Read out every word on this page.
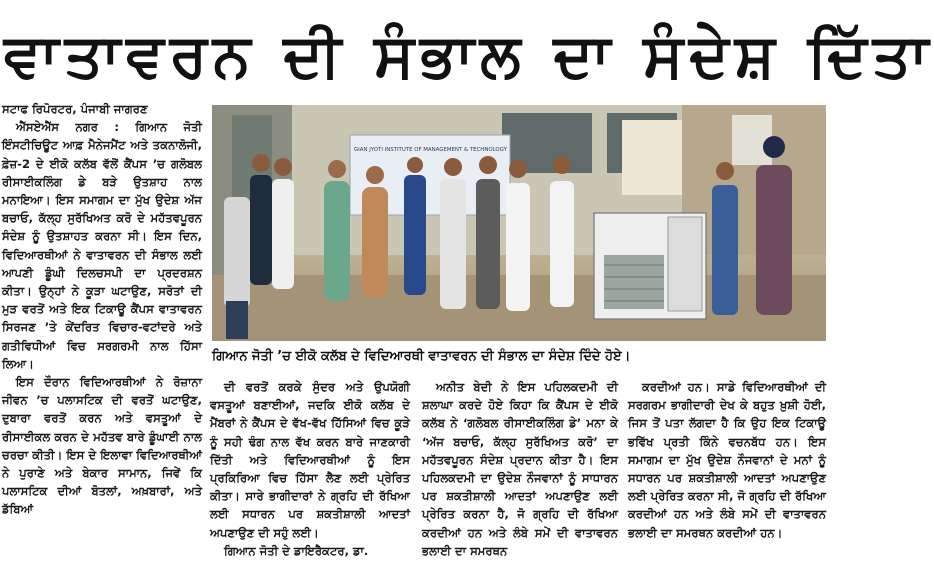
ਵਾਤਾਵਰਨ ਦੀ ਸੰਭਾਲ ਦਾ ਸੰਦੇਸ਼ ਦਿੱਤਾ
ਸਟਾਫ ਰਿਪੋਰਟਰ, ਪੰਜਾਬੀ ਜਾਗਰਣ

ਐੱਸਏਐੱਸ ਨਗਰ : ਗਿਆਨ ਜੋਤੀ ਇੰਸਟੀਚਿਊਟ ਆਫ਼ ਮੈਨੇਜਮੈਂਟ ਅਤੇ ਤਕਨਾਲੋਜੀ, ਫ਼ੇਜ਼-2 ਦੇ ਈਕੋ ਕਲੱਬ ਵੱਲੋਂ ਕੈਂਪਸ ’ਚ ਗਲੋਬਲ ਰੀਸਾਈਕਲਿੰਗ ਡੇ ਬੜੇ ਉਤਸ਼ਾਹ ਨਾਲ ਮਨਾਇਆ। ਇਸ ਸਮਾਗਮ ਦਾ ਮੁੱਖ ਉਦੇਸ਼ ਅੱਜ ਬਚਾਓ, ਕੱਲ੍ਹ ਸੁਰੱਖਿਅਤ ਕਰੋ ਦੇ ਮਹੱਤਵਪੂਰਨ ਸੰਦੇਸ਼ ਨੂੰ ਉਤਸ਼ਾਹਤ ਕਰਨਾ ਸੀ। ਇਸ ਦਿਨ, ਵਿਦਿਆਰਥੀਆਂ ਨੇ ਵਾਤਾਵਰਨ ਦੀ ਸੰਭਾਲ ਲਈ ਆਪਣੀ ਡੂੰਘੀ ਦਿਲਚਸਪੀ ਦਾ ਪ੍ਰਦਰਸ਼ਨ ਕੀਤਾ। ਉਨ੍ਹਾਂ ਨੇ ਕੂੜਾ ਘਟਾਉਣ, ਸਰੋਤਾਂ ਦੀ ਮੁੜ ਵਰਤੋਂ ਅਤੇ ਇਕ ਟਿਕਾਊ ਕੈਂਪਸ ਵਾਤਾਵਰਨ ਸਿਰਜਣ ’ਤੇ ਕੇਂਦਰਿਤ ਵਿਚਾਰ-ਵਟਾਂਦਰੇ ਅਤੇ ਗਤੀਵਿਧੀਆਂ ਵਿਚ ਸਰਗਰਮੀ ਨਾਲ ਹਿੱਸਾ ਲਿਆ।

ਇਸ ਦੌਰਾਨ ਵਿਦਿਆਰਥੀਆਂ ਨੇ ਰੋਜ਼ਾਨਾ ਜੀਵਨ ’ਚ ਪਲਾਸਟਿਕ ਦੀ ਵਰਤੋਂ ਘਟਾਉਣ, ਦੁਬਾਰਾ ਵਰਤੋਂ ਕਰਨ ਅਤੇ ਵਸਤੂਆਂ ਦੇ ਰੀਸਾਈਕਲ ਕਰਨ ਦੇ ਮਹੱਤਵ ਬਾਰੇ ਡੂੰਘਾਈ ਨਾਲ ਚਰਚਾ ਕੀਤੀ। ਇਸ ਦੇ ਇਲਾਵਾ ਵਿਦਿਆਰਥੀਆਂ ਨੇ ਪੁਰਾਣੇ ਅਤੇ ਬੇਕਾਰ ਸਾਮਾਨ, ਜਿਵੇਂ ਕਿ ਪਲਾਸਟਿਕ ਦੀਆਂ ਬੋਤਲਾਂ, ਅਖ਼ਬਾਰਾਂ, ਅਤੇ ਡੱਬਿਆਂ

GIAN JYOTI INSTITUTE OF MANAGEMENT & TECHNOLOGY
ਗਿਆਨ ਜੋਤੀ ’ਚ ਈਕੋ ਕਲੱਬ ਦੇ ਵਿਦਿਆਰਥੀ ਵਾਤਾਵਰਨ ਦੀ ਸੰਭਾਲ ਦਾ ਸੰਦੇਸ਼ ਦਿੰਦੇ ਹੋਏ।

ਦੀ ਵਰਤੋਂ ਕਰਕੇ ਸੁੰਦਰ ਅਤੇ ਉਪਯੋਗੀ ਵਸਤੂਆਂ ਬਣਾਈਆਂ, ਜਦਕਿ ਈਕੋ ਕਲੱਬ ਦੇ ਮੈਂਬਰਾਂ ਨੇ ਕੈਂਪਸ ਦੇ ਵੱਖ-ਵੱਖ ਹਿੱਸਿਆਂ ਵਿਚ ਕੂੜੇ ਨੂੰ ਸਹੀ ਢੰਗ ਨਾਲ ਵੱਖ ਕਰਨ ਬਾਰੇ ਜਾਣਕਾਰੀ ਦਿੱਤੀ ਅਤੇ ਵਿਦਿਆਰਥੀਆਂ ਨੂੰ ਇਸ ਪ੍ਰਕਿਰਿਆ ਵਿਚ ਹਿੱਸਾ ਲੈਣ ਲਈ ਪ੍ਰੇਰਿਤ ਕੀਤਾ। ਸਾਰੇ ਭਾਗੀਦਾਰਾਂ ਨੇ ਗ੍ਰਹਿ ਦੀ ਰੱਖਿਆ ਲਈ ਸਧਾਰਨ ਪਰ ਸ਼ਕਤੀਸ਼ਾਲੀ ਆਦਤਾਂ ਅਪਣਾਉਣ ਦੀ ਸਹੁੰ ਲਈ।

ਗਿਆਨ ਜੋਤੀ ਦੇ ਡਾਇਰੈਕਟਰ, ਡਾ.

ਅਨੀਤ ਬੇਦੀ ਨੇ ਇਸ ਪਹਿਲਕਦਮੀ ਦੀ ਸ਼ਲਾਘਾ ਕਰਦੇ ਹੋਏ ਕਿਹਾ ਕਿ ਕੈਂਪਸ ਦੇ ਈਕੋ ਕਲੱਬ ਨੇ ‘ਗਲੋਬਲ ਰੀਸਾਈਕਲਿੰਗ ਡੇ’ ਮਨਾ ਕੇ ‘ਅੱਜ ਬਚਾਓ, ਕੱਲ੍ਹ ਸੁਰੱਖਿਅਤ ਕਰੋ’ ਦਾ ਮਹੱਤਵਪੂਰਨ ਸੰਦੇਸ਼ ਪ੍ਰਦਾਨ ਕੀਤਾ ਹੈ। ਇਸ ਪਹਿਲਕਦਮੀ ਦਾ ਉਦੇਸ਼ ਨੌਜਵਾਨਾਂ ਨੂੰ ਸਾਧਾਰਨ ਪਰ ਸ਼ਕਤੀਸ਼ਾਲੀ ਆਦਤਾਂ ਅਪਣਾਉਣ ਲਈ ਪ੍ਰੇਰਿਤ ਕਰਨਾ ਹੈ, ਜੋ ਗ੍ਰਹਿ ਦੀ ਰੱਖਿਆ ਕਰਦੀਆਂ ਹਨ ਅਤੇ ਲੰਬੇ ਸਮੇਂ ਦੀ ਵਾਤਾਵਰਨ ਭਲਾਈ ਦਾ ਸਮਰਥਨ

ਕਰਦੀਆਂ ਹਨ। ਸਾਡੇ ਵਿਦਿਆਰਥੀਆਂ ਦੀ ਸਰਗਰਮ ਭਾਗੀਦਾਰੀ ਦੇਖ ਕੇ ਬਹੁਤ ਖ਼ੁਸ਼ੀ ਹੋਈ, ਜਿਸ ਤੋਂ ਪਤਾ ਲੱਗਦਾ ਹੈ ਕਿ ਉਹ ਇਕ ਟਿਕਾਊ ਭਵਿੱਖ ਪ੍ਰਤੀ ਕਿੰਨੇ ਵਚਨਬੱਧ ਹਨ। ਇਸ ਸਮਾਗਮ ਦਾ ਮੁੱਖ ਉਦੇਸ਼ ਨੌਜਵਾਨਾਂ ਦੇ ਮਨਾਂ ਨੂੰ ਸਧਾਰਨ ਪਰ ਸ਼ਕਤੀਸ਼ਾਲੀ ਆਦਤਾਂ ਅਪਣਾਉਣ ਲਈ ਪ੍ਰੇਰਿਤ ਕਰਨਾ ਸੀ, ਜੋ ਗ੍ਰਹਿ ਦੀ ਰੱਖਿਆ ਕਰਦੀਆਂ ਹਨ ਅਤੇ ਲੰਬੇ ਸਮੇਂ ਦੀ ਵਾਤਾਵਰਨ ਭਲਾਈ ਦਾ ਸਮਰਥਨ ਕਰਦੀਆਂ ਹਨ।
